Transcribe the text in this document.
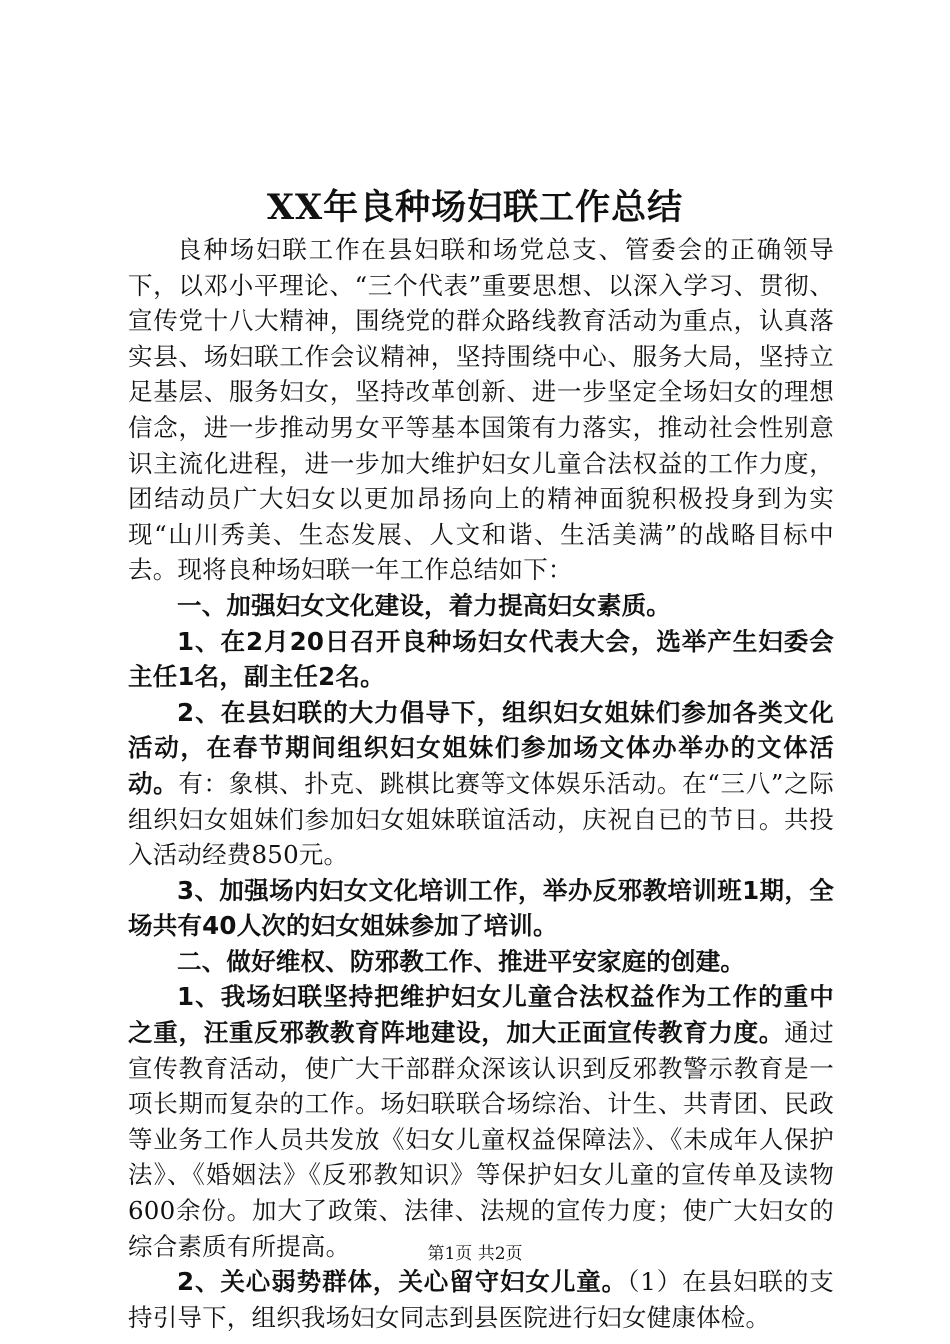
XX年良种场妇联工作总结

良种场妇联工作在县妇联和场党总支、管委会的正确领导下，以邓小平理论、“三个代表”重要思想、以深入学习、贯彻、宣传党十八大精神，围绕党的群众路线教育活动为重点，认真落实县、场妇联工作会议精神，坚持围绕中心、服务大局，坚持立足基层、服务妇女，坚持改革创新、进一步坚定全场妇女的理想信念，进一步推动男女平等基本国策有力落实，推动社会性别意识主流化进程，进一步加大维护妇女儿童合法权益的工作力度，团结动员广大妇女以更加昂扬向上的精神面貌积极投身到为实现“山川秀美、生态发展、人文和谐、生活美满”的战略目标中去。现将良种场妇联一年工作总结如下：

一、加强妇女文化建设，着力提高妇女素质。

1、在2月20日召开良种场妇女代表大会，选举产生妇委会主任1名，副主任2名。

2、在县妇联的大力倡导下，组织妇女姐妹们参加各类文化活动，在春节期间组织妇女姐妹们参加场文体办举办的文体活动。有：象棋、扑克、跳棋比赛等文体娱乐活动。在“三八”之际组织妇女姐妹们参加妇女姐妹联谊活动，庆祝自已的节日。共投入活动经费850元。

3、加强场内妇女文化培训工作，举办反邪教培训班1期，全场共有40人次的妇女姐妹参加了培训。

二、做好维权、防邪教工作、推进平安家庭的创建。

1、我场妇联坚持把维护妇女儿童合法权益作为工作的重中之重，汪重反邪教教育阵地建设，加大正面宣传教育力度。通过宣传教育活动，使广大干部群众深该认识到反邪教警示教育是一项长期而复杂的工作。场妇联联合场综治、计生、共青团、民政等业务工作人员共发放《妇女儿童权益保障法》、《未成年人保护法》、《婚姻法》《反邪教知识》等保护妇女儿童的宣传单及读物600余份。加大了政策、法律、法规的宣传力度；使广大妇女的综合素质有所提高。

2、关心弱势群体，关心留守妇女儿童。（1）在县妇联的支持引导下，组织我场妇女同志到县医院进行妇女健康体检。

第1页 共2页
